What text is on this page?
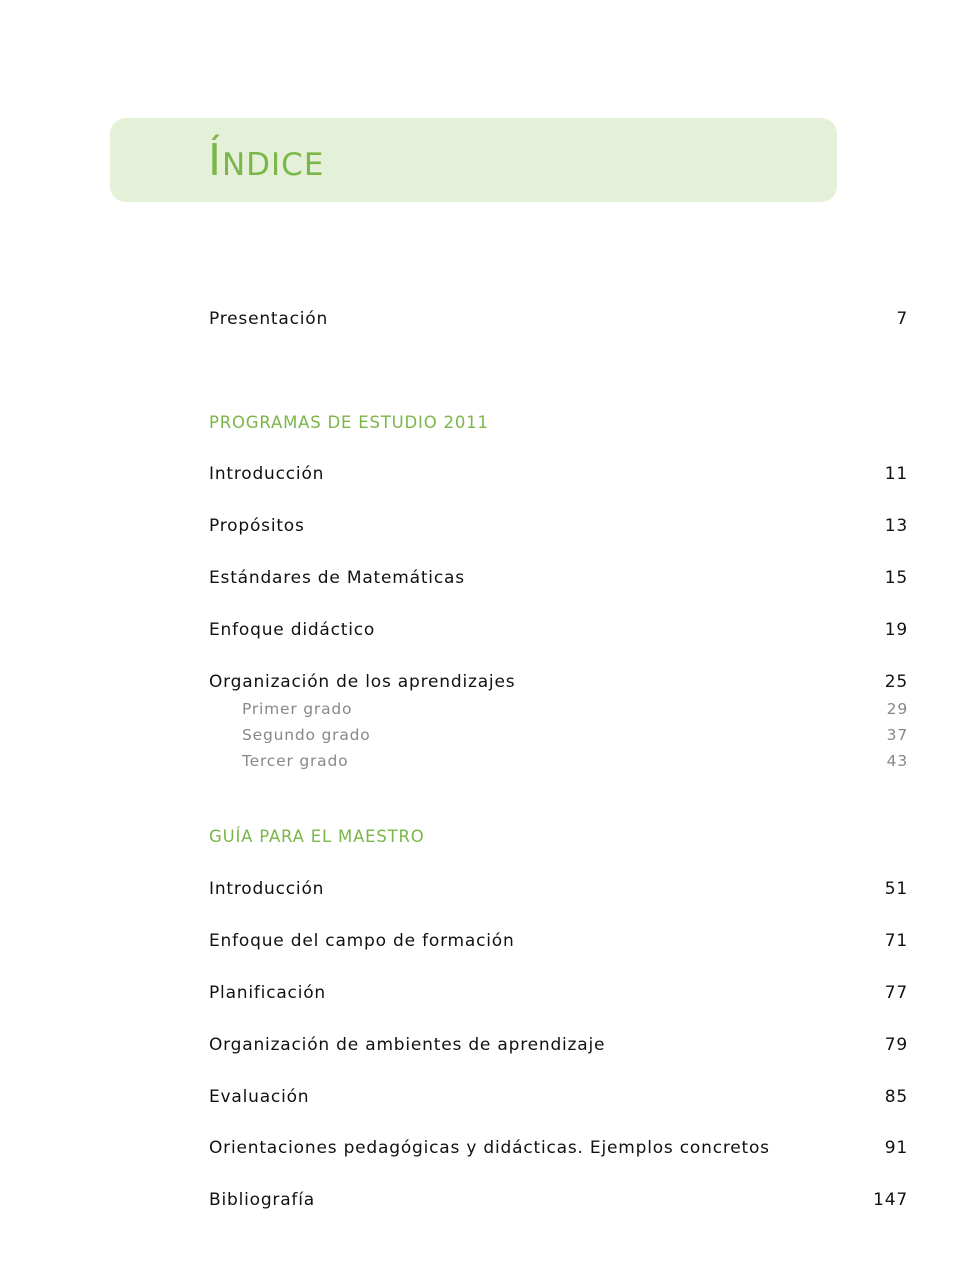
Índice
Presentación	7
PROGRAMAS DE ESTUDIO 2011
Introducción	11
Propósitos	13
Estándares de Matemáticas	15
Enfoque didáctico	19
Organización de los aprendizajes	25
Primer grado	29
Segundo grado	37
Tercer grado	43
GUÍA PARA EL MAESTRO
Introducción	51
Enfoque del campo de formación	71
Planificación	77
Organización de ambientes de aprendizaje	79
Evaluación	85
Orientaciones pedagógicas y didácticas. Ejemplos concretos	91
Bibliografía	147
